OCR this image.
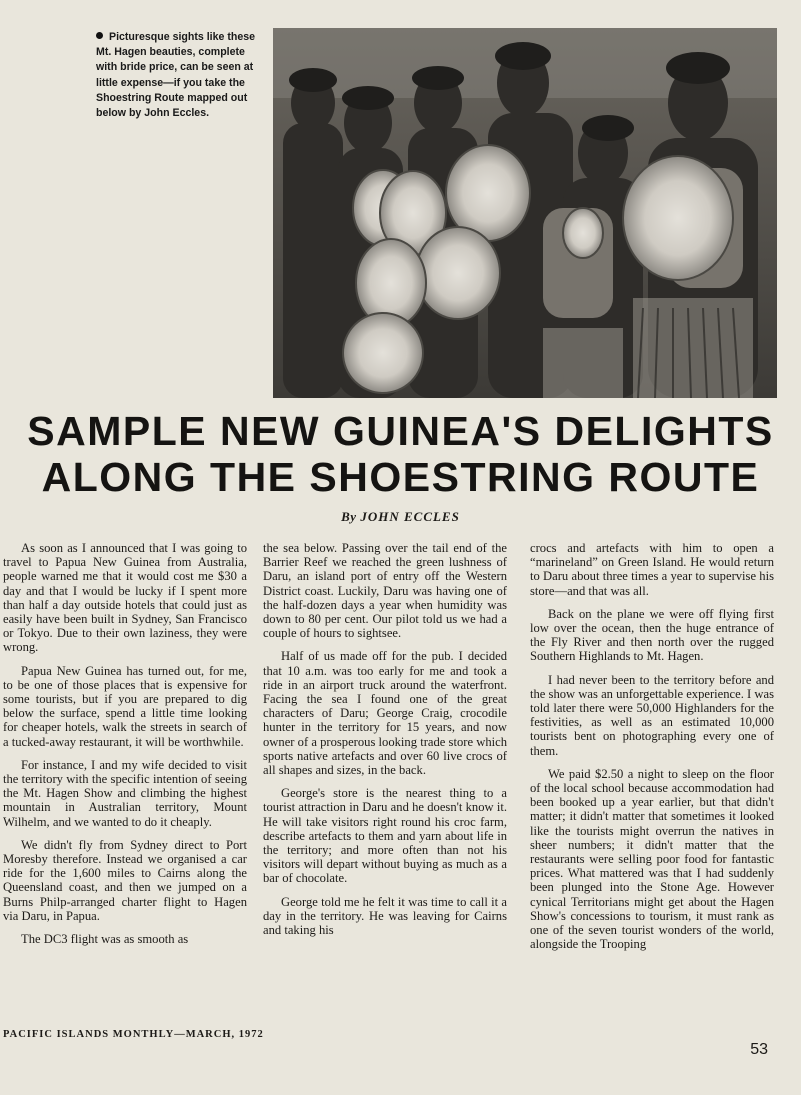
Picturesque sights like these Mt. Hagen beauties, complete with bride price, can be seen at little expense—if you take the Shoestring Route mapped out below by John Eccles.
SAMPLE NEW GUINEA'S DELIGHTS
ALONG THE SHOESTRING ROUTE
By JOHN ECCLES

As soon as I announced that I was going to travel to Papua New Guinea from Australia, people warned me that it would cost me $30 a day and that I would be lucky if I spent more than half a day outside hotels that could just as easily have been built in Sydney, San Francisco or Tokyo. Due to their own laziness, they were wrong.

Papua New Guinea has turned out, for me, to be one of those places that is expensive for some tourists, but if you are prepared to dig below the surface, spend a little time looking for cheaper hotels, walk the streets in search of a tucked-away restaurant, it will be worthwhile.

For instance, I and my wife decided to visit the territory with the specific intention of seeing the Mt. Hagen Show and climbing the highest mountain in Australian territory, Mount Wilhelm, and we wanted to do it cheaply.

We didn't fly from Sydney direct to Port Moresby therefore. Instead we organised a car ride for the 1,600 miles to Cairns along the Queensland coast, and then we jumped on a Burns Philp-arranged charter flight to Hagen via Daru, in Papua.

The DC3 flight was as smooth as

the sea below. Passing over the tail end of the Barrier Reef we reached the green lushness of Daru, an island port of entry off the Western District coast. Luckily, Daru was having one of the half-dozen days a year when humidity was down to 80 per cent. Our pilot told us we had a couple of hours to sightsee.

Half of us made off for the pub. I decided that 10 a.m. was too early for me and took a ride in an airport truck around the waterfront. Facing the sea I found one of the great characters of Daru; George Craig, crocodile hunter in the territory for 15 years, and now owner of a prosperous looking trade store which sports native artefacts and over 60 live crocs of all shapes and sizes, in the back.

George's store is the nearest thing to a tourist attraction in Daru and he doesn't know it. He will take visitors right round his croc farm, describe artefacts to them and yarn about life in the territory; and more often than not his visitors will depart without buying as much as a bar of chocolate.

George told me he felt it was time to call it a day in the territory. He was leaving for Cairns and taking his

crocs and artefacts with him to open a “marineland” on Green Island. He would return to Daru about three times a year to supervise his store—and that was all.

Back on the plane we were off flying first low over the ocean, then the huge entrance of the Fly River and then north over the rugged Southern Highlands to Mt. Hagen.

I had never been to the territory before and the show was an unforgettable experience. I was told later there were 50,000 Highlanders for the festivities, as well as an estimated 10,000 tourists bent on photographing every one of them.

We paid $2.50 a night to sleep on the floor of the local school because accommodation had been booked up a year earlier, but that didn't matter; it didn't matter that sometimes it looked like the tourists might overrun the natives in sheer numbers; it didn't matter that the restaurants were selling poor food for fantastic prices. What mattered was that I had suddenly been plunged into the Stone Age. However cynical Territorians might get about the Hagen Show's concessions to tourism, it must rank as one of the seven tourist wonders of the world, alongside the Trooping

PACIFIC ISLANDS MONTHLY—MARCH, 1972
53
